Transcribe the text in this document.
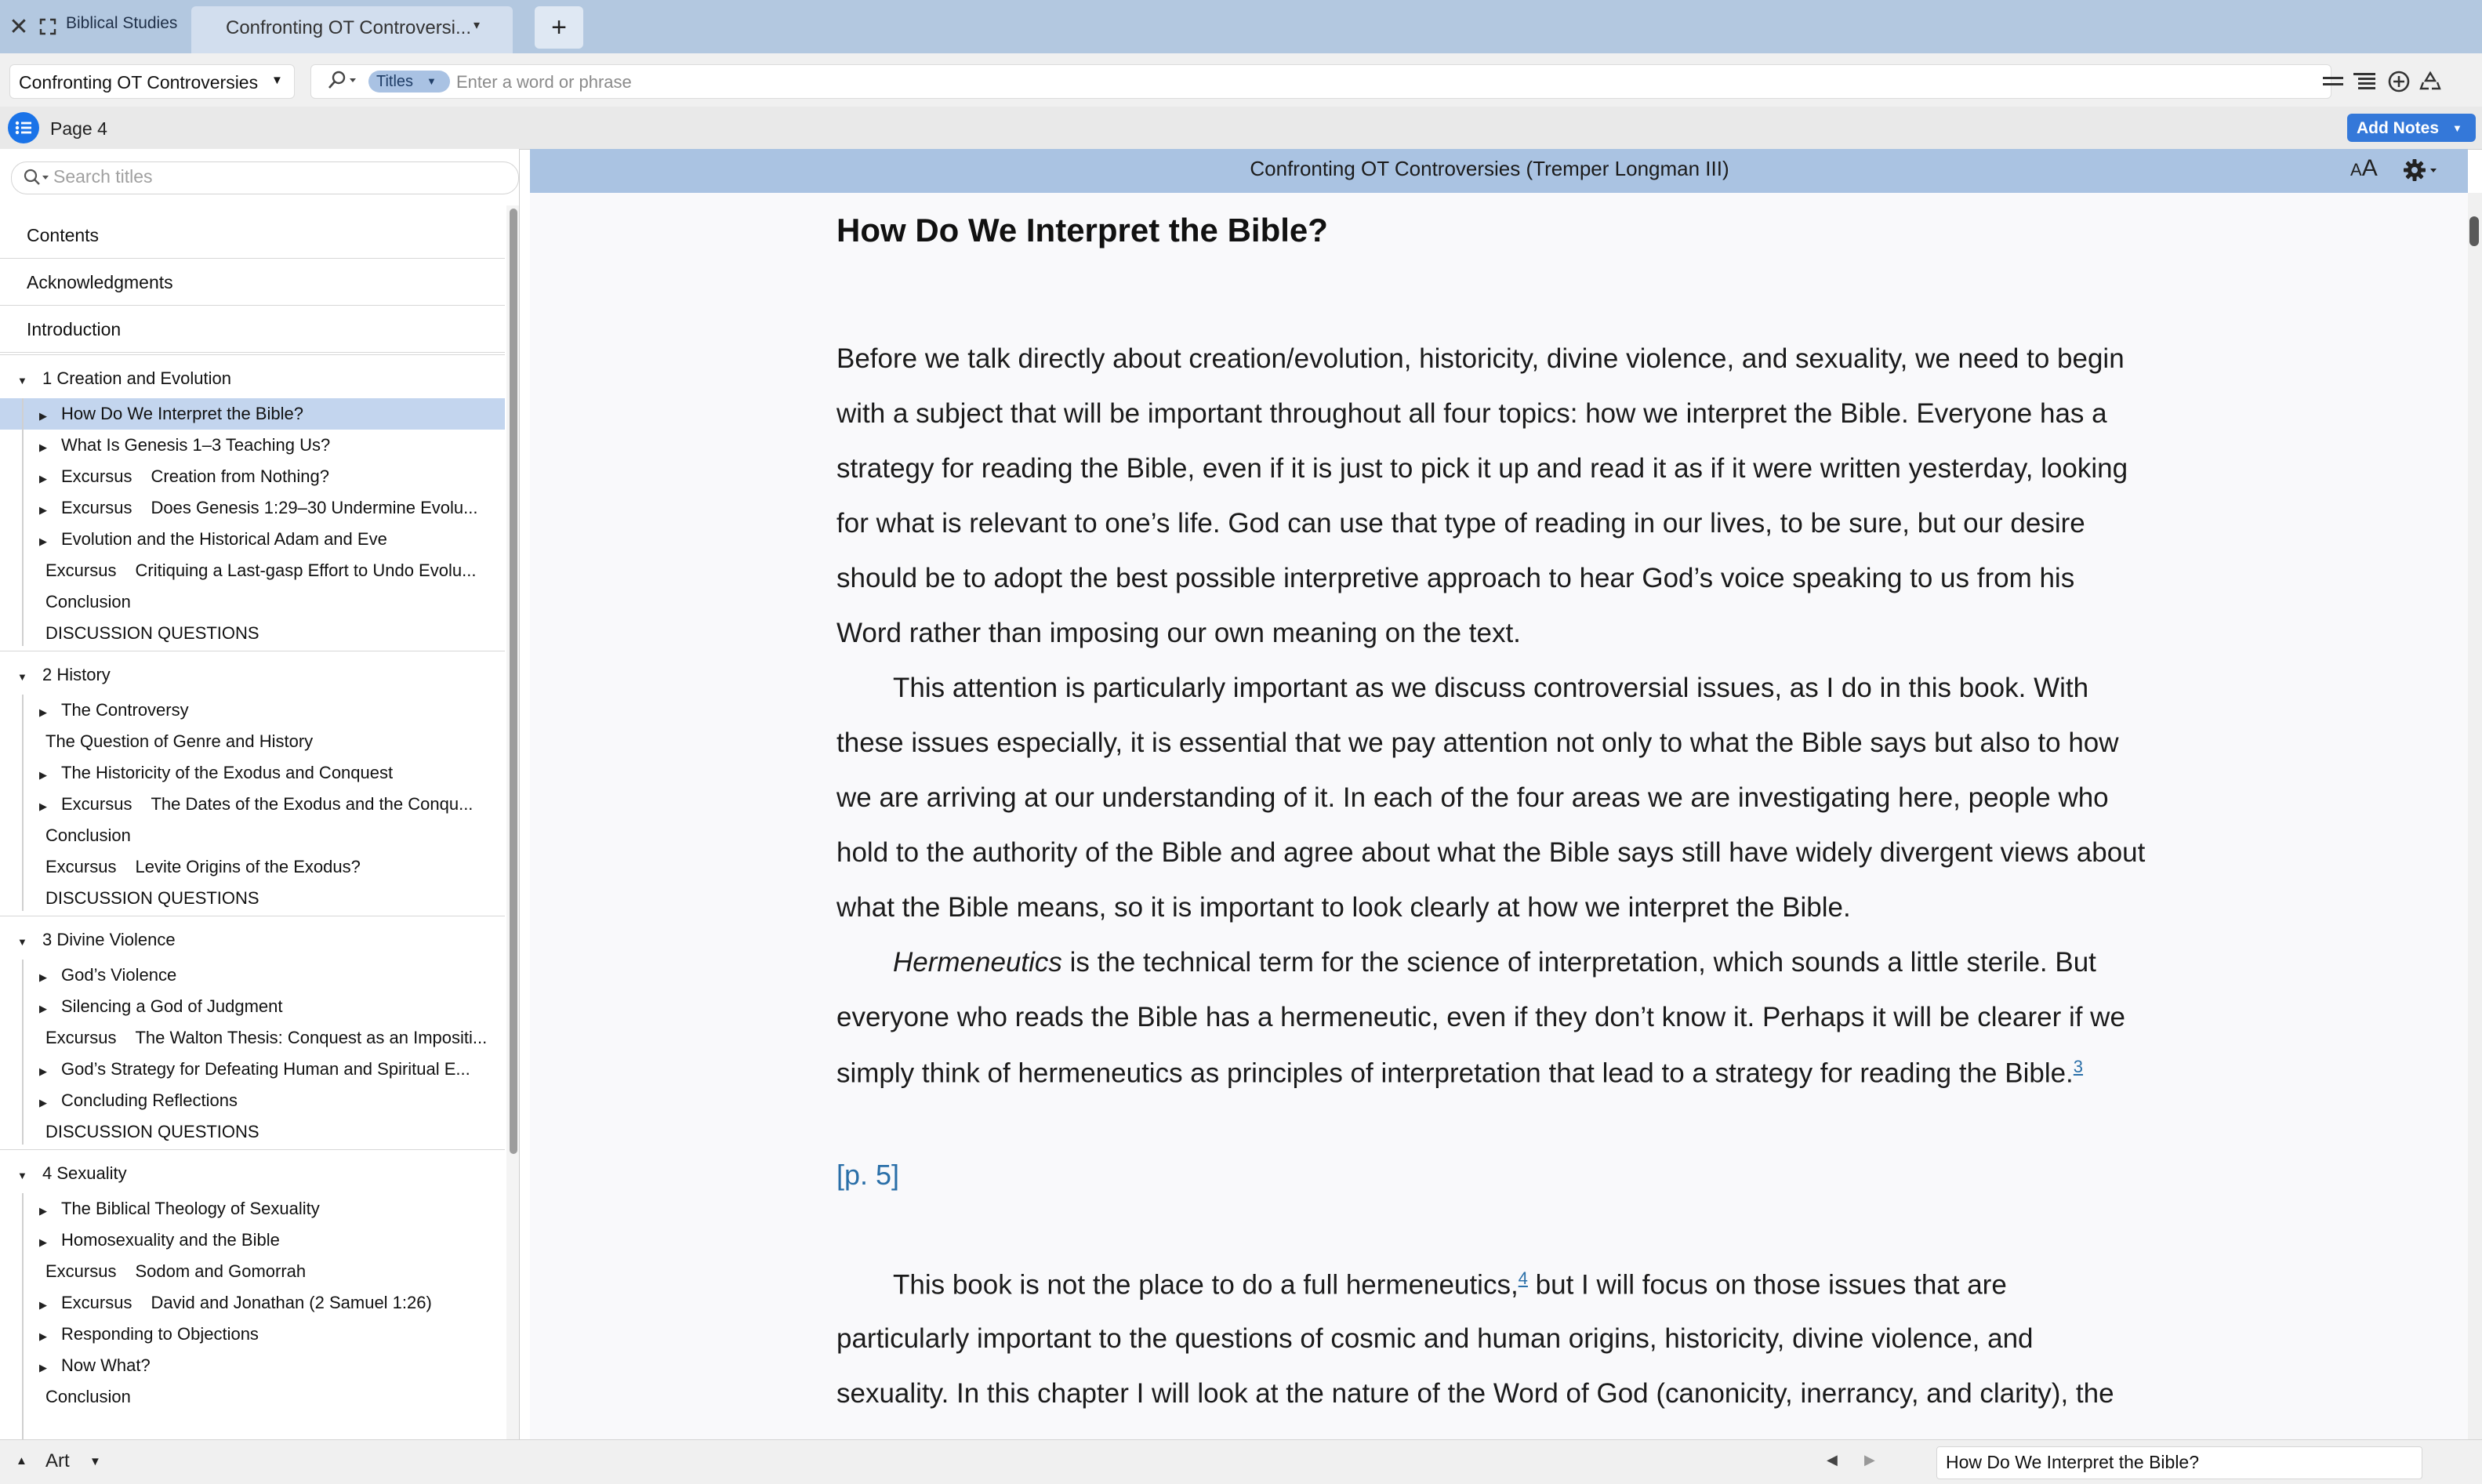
✕ Biblical Studies	Confronting OT Controversi... ▾	+
Confronting OT Controversies ▼	Titles ▼ Enter a word or phrase
Page 4	Add Notes ▼
Search titles
Contents
Acknowledgments
Introduction
▼ 1 Creation and Evolution
▶ How Do We Interpret the Bible?
▶ What Is Genesis 1–3 Teaching Us?
▶ Excursus Creation from Nothing?
▶ Excursus Does Genesis 1:29–30 Undermine Evolu...
▶ Evolution and the Historical Adam and Eve
Excursus Critiquing a Last-gasp Effort to Undo Evolu...
Conclusion
DISCUSSION QUESTIONS
▼ 2 History
▶ The Controversy
The Question of Genre and History
▶ The Historicity of the Exodus and Conquest
▶ Excursus The Dates of the Exodus and the Conqu...
Conclusion
Excursus Levite Origins of the Exodus?
DISCUSSION QUESTIONS
▼ 3 Divine Violence
▶ God’s Violence
▶ Silencing a God of Judgment
Excursus The Walton Thesis: Conquest as an Impositi...
▶ God’s Strategy for Defeating Human and Spiritual E...
▶ Concluding Reflections
DISCUSSION QUESTIONS
▼ 4 Sexuality
▶ The Biblical Theology of Sexuality
▶ Homosexuality and the Bible
Excursus Sodom and Gomorrah
▶ Excursus David and Jonathan (2 Samuel 1:26)
▶ Responding to Objections
▶ Now What?
Conclusion
Confronting OT Controversies (Tremper Longman III)	AA
How Do We Interpret the Bible?
Before we talk directly about creation/evolution, historicity, divine violence, and sexuality, we need to begin
with a subject that will be important throughout all four topics: how we interpret the Bible. Everyone has a
strategy for reading the Bible, even if it is just to pick it up and read it as if it were written yesterday, looking
for what is relevant to one’s life. God can use that type of reading in our lives, to be sure, but our desire
should be to adopt the best possible interpretive approach to hear God’s voice speaking to us from his
Word rather than imposing our own meaning on the text.
This attention is particularly important as we discuss controversial issues, as I do in this book. With
these issues especially, it is essential that we pay attention not only to what the Bible says but also to how
we are arriving at our understanding of it. In each of the four areas we are investigating here, people who
hold to the authority of the Bible and agree about what the Bible says still have widely divergent views about
what the Bible means, so it is important to look clearly at how we interpret the Bible.
Hermeneutics is the technical term for the science of interpretation, which sounds a little sterile. But
everyone who reads the Bible has a hermeneutic, even if they don’t know it. Perhaps it will be clearer if we
simply think of hermeneutics as principles of interpretation that lead to a strategy for reading the Bible.$^3$
[p. 5]
This book is not the place to do a full hermeneutics,$^4$ but I will focus on those issues that are
particularly important to the questions of cosmic and human origins, historicity, divine violence, and
sexuality. In this chapter I will look at the nature of the Word of God (canonicity, inerrancy, and clarity), the
▲ Art ▼	◀ ▶	How Do We Interpret the Bible?
